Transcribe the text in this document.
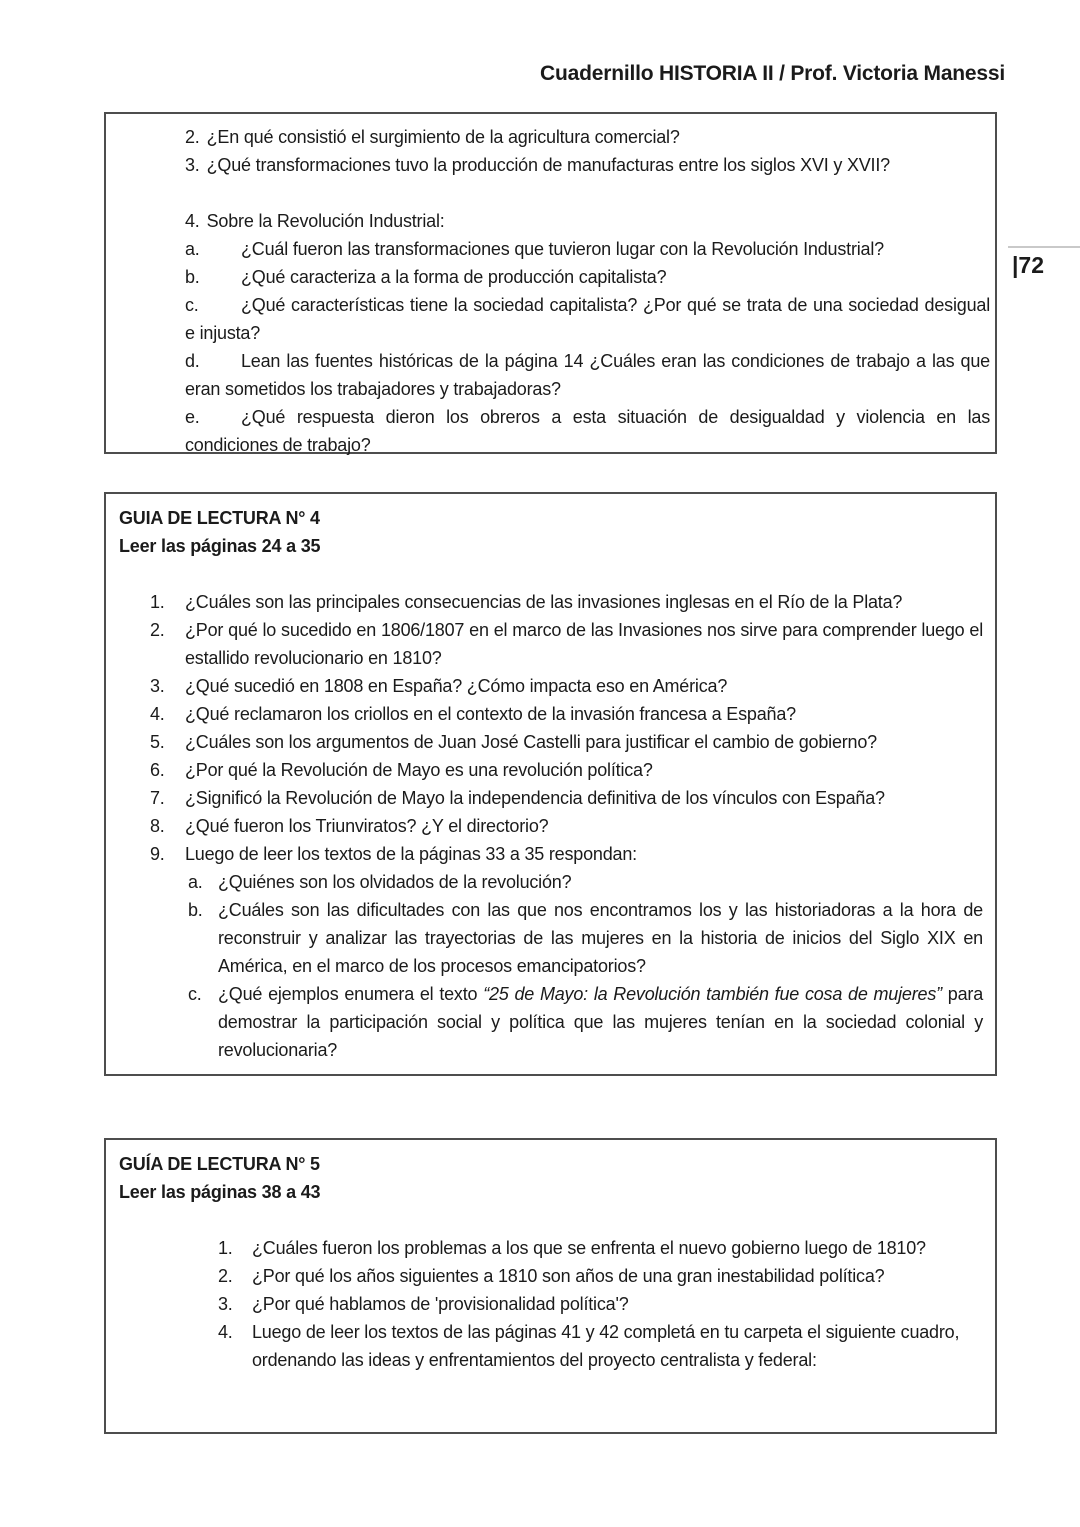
Cuadernillo HISTORIA II / Prof. Victoria Manessi
|72

2. ¿En qué consistió el surgimiento de la agricultura comercial?

3. ¿Qué transformaciones tuvo la producción de manufacturas entre los siglos XVI y XVII?

4. Sobre la Revolución Industrial:

a. ¿Cuál fueron las transformaciones que tuvieron lugar con la Revolución Industrial?

b. ¿Qué caracteriza a la forma de producción capitalista?

c. ¿Qué características tiene la sociedad capitalista? ¿Por qué se trata de una sociedad desigual e injusta?

d. Lean las fuentes históricas de la página 14 ¿Cuáles eran las condiciones de trabajo a las que eran sometidos los trabajadores y trabajadoras?

e. ¿Qué respuesta dieron los obreros a esta situación de desigualdad y violencia en las condiciones de trabajo?

GUIA DE LECTURA N° 4

Leer las páginas 24 a 35

1.	¿Cuáles son las principales consecuencias de las invasiones inglesas en el Río de la Plata?
2.	¿Por qué lo sucedido en 1806/1807 en el marco de las Invasiones nos sirve para comprender luego el estallido revolucionario en 1810?
3.	¿Qué sucedió en 1808 en España? ¿Cómo impacta eso en América?
4.	¿Qué reclamaron los criollos en el contexto de la invasión francesa a España?
5.	¿Cuáles son los argumentos de Juan José Castelli para justificar el cambio de gobierno?
6.	¿Por qué la Revolución de Mayo es una revolución política?
7.	¿Significó la Revolución de Mayo la independencia definitiva de los vínculos con España?
8.	¿Qué fueron los Triunviratos? ¿Y el directorio?
9.	Luego de leer los textos de la páginas 33 a 35 respondan:
a. ¿Quiénes son los olvidados de la revolución?
b. ¿Cuáles son las dificultades con las que nos encontramos los y las historiadoras a la hora de reconstruir y analizar las trayectorias de las mujeres en la historia de inicios del Siglo XIX en América, en el marco de los procesos emancipatorios?
c. ¿Qué ejemplos enumera el texto “25 de Mayo: la Revolución también fue cosa de mujeres” para demostrar la participación social y política que las mujeres tenían en la sociedad colonial y revolucionaria?

GUÍA DE LECTURA N° 5

Leer las páginas 38 a 43

1.	¿Cuáles fueron los problemas a los que se enfrenta el nuevo gobierno luego de 1810?
2.	¿Por qué los años siguientes a 1810 son años de una gran inestabilidad política?
3.	¿Por qué hablamos de 'provisionalidad política'?
4.	Luego de leer los textos de las páginas 41 y 42 completá en tu carpeta el siguiente cuadro, ordenando las ideas y enfrentamientos del proyecto centralista y federal:
